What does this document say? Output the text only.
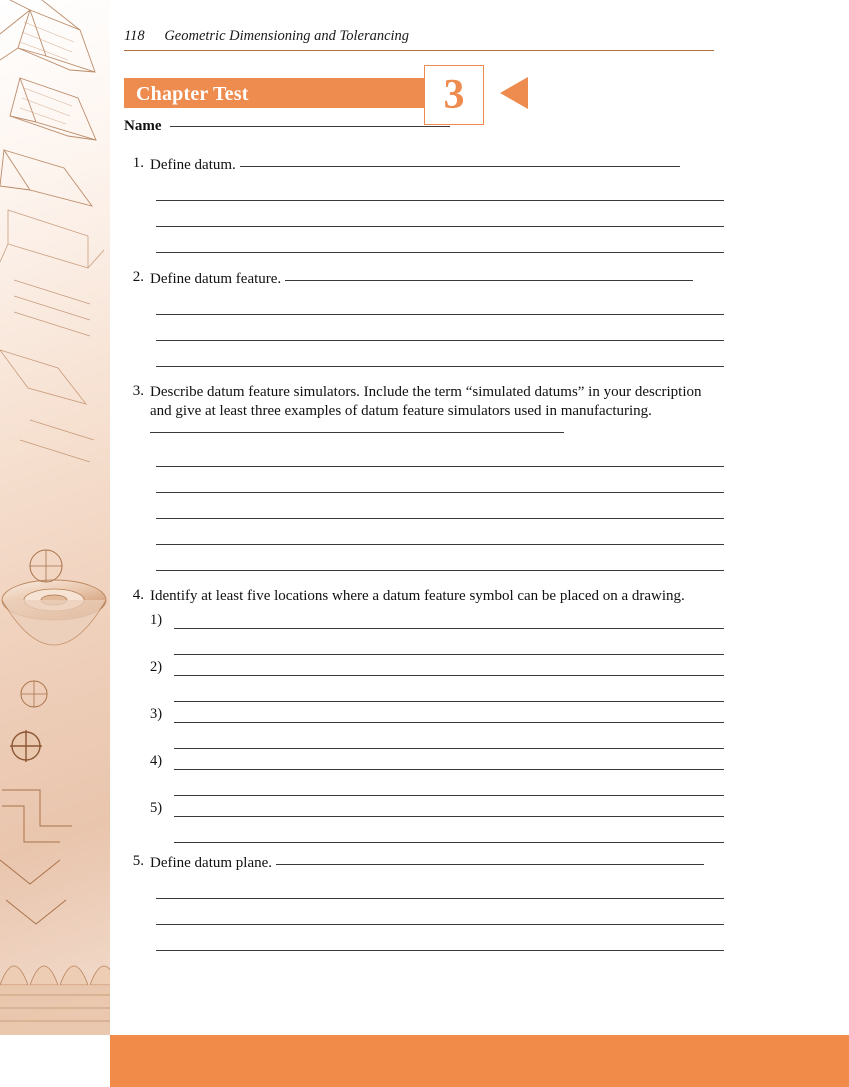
118 Geometric Dimensioning and Tolerancing
Chapter Test	3
Name
1. Define datum.
2. Define datum feature.
3. Describe datum feature simulators. Include the term “simulated datums” in your description and give at least three examples of datum feature simulators used in manufacturing.
4. Identify at least five locations where a datum feature symbol can be placed on a drawing.
1)
2)
3)
4)
5)
5. Define datum plane.
